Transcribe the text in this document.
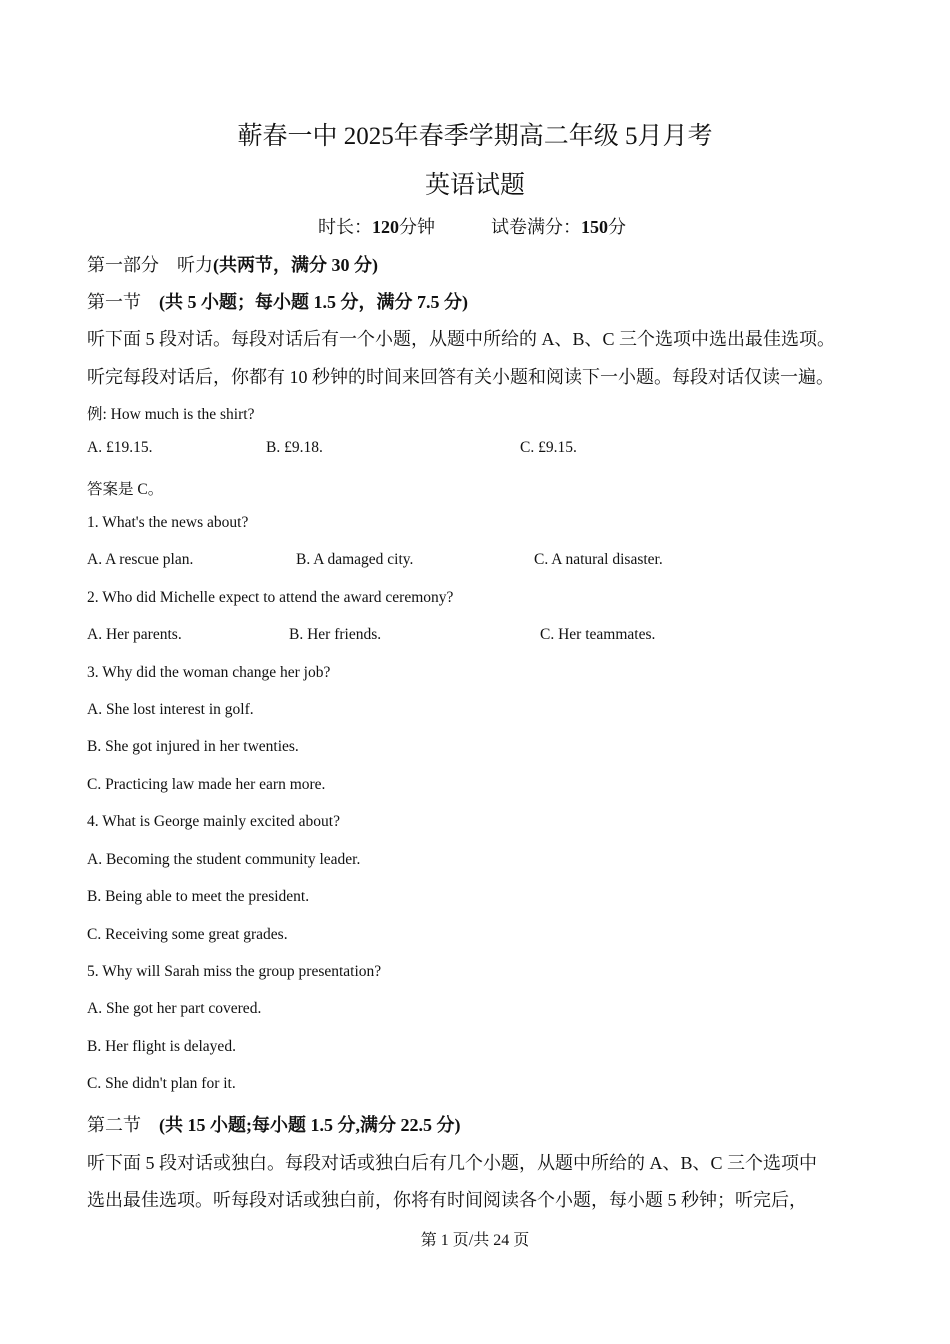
蕲春一中 2025年春季学期高二年级 5月月考
英语试题
时长：120分钟	试卷满分：150分
第一部分　听力(共两节，满分 30 分)
第一节　(共 5 小题；每小题 1.5 分，满分 7.5 分)
听下面 5 段对话。每段对话后有一个小题，从题中所给的 A、B、C 三个选项中选出最佳选项。
听完每段对话后，你都有 10 秒钟的时间来回答有关小题和阅读下一小题。每段对话仅读一遍。
例: How much is the shirt?
A. £19.15.	B. £9.18.	C. £9.15.
答案是 C。
1. What's the news about?
A. A rescue plan.	B. A damaged city.	C. A natural disaster.
2. Who did Michelle expect to attend the award ceremony?
A. Her parents.	B. Her friends.	C. Her teammates.
3. Why did the woman change her job?
A. She lost interest in golf.
B. She got injured in her twenties.
C. Practicing law made her earn more.
4. What is George mainly excited about?
A. Becoming the student community leader.
B. Being able to meet the president.
C. Receiving some great grades.
5. Why will Sarah miss the group presentation?
A. She got her part covered.
B. Her flight is delayed.
C. She didn't plan for it.
第二节　(共 15 小题;每小题 1.5 分,满分 22.5 分)
听下面 5 段对话或独白。每段对话或独白后有几个小题，从题中所给的 A、B、C 三个选项中
选出最佳选项。听每段对话或独白前，你将有时间阅读各个小题，每小题 5 秒钟；听完后，
第 1 页/共 24 页
